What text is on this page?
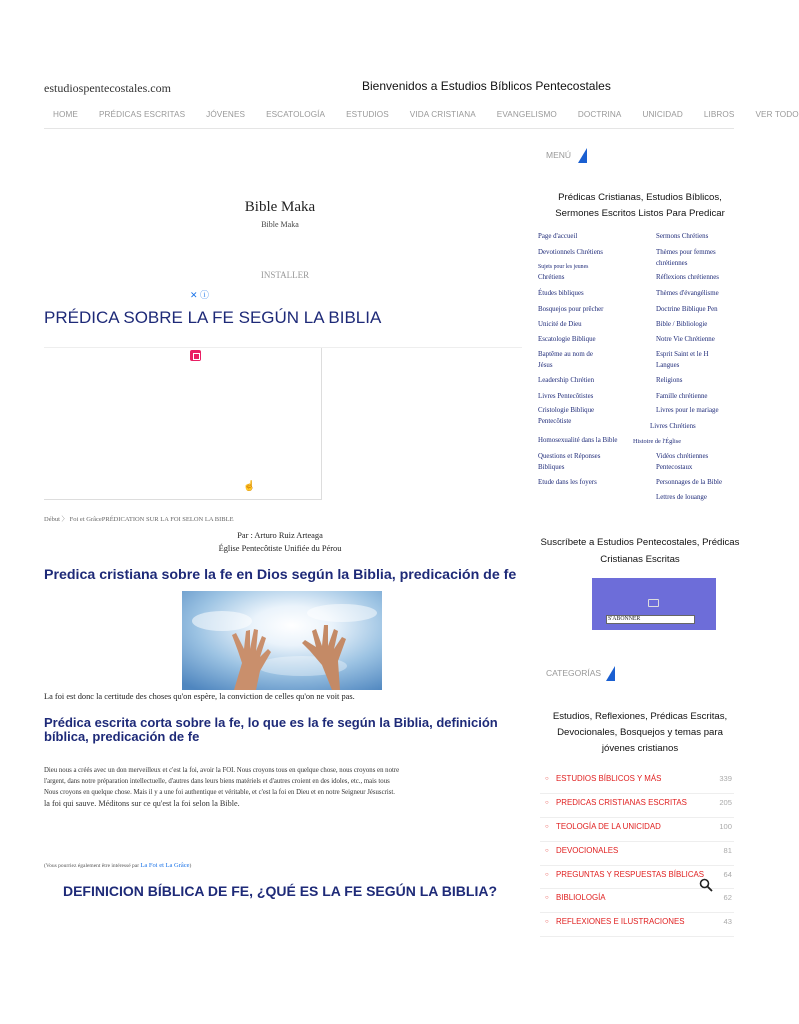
estudiospentecostales.com	Bienvenidos a Estudios Bíblicos Pentecostales
HOME	PRÉDICAS ESCRITAS	JÓVENES	ESCATOLOGÍA	ESTUDIOS	VIDA CRISTIANA	EVANGELISMO	DOCTRINA	UNICIDAD	LIBROS	VER TODO
Bible Maka
Bible Maka
INSTALLER
✕ ⓘ
PRÉDICA SOBRE LA FE SEGÚN LA BIBLIA
☝
Début 〉 Foi et GrâcePRÉDICATION SUR LA FOI SELON LA BIBLE
Par : Arturo Ruiz Arteaga
Église Pentecôtiste Unifiée du Pérou
Predica cristiana sobre la fe en Dios según la Biblia, predicación de fe
La foi est donc la certitude des choses qu'on espère, la conviction de celles qu'on ne voit pas.
Prédica escrita corta sobre la fe, lo que es la fe según la Biblia, definición bíblica, predicación de fe
Dieu nous a créés avec un don merveilleux et c'est la foi, avoir la FOI. Nous croyons tous en quelque chose, nous croyons en notre
l'argent, dans notre préparation intellectuelle, d'autres dans leurs biens matériels et d'autres croient en des idoles, etc., mais tous
Nous croyons en quelque chose. Mais il y a une foi authentique et véritable, et c'est la foi en Dieu et en notre Seigneur Jésuscrist.
la foi qui sauve. Méditons sur ce qu'est la foi selon la Bible.
(Vous pourriez également être intéressé par La Foi et La Grâce)
DEFINICION BÍBLICA DE FE, ¿QUÉ ES LA FE SEGÚN LA BIBLIA?
MENÚ
Prédicas Cristianas, Estudios Bíblicos, Sermones Escritos Listos Para Predicar
Page d'accueil
Devotionnels Chrétiens
Sujets pour les jeunes
Chrétiens
Études bibliques
Bosquejos pour prêcher
Unicité de Dieu
Escatologie Biblique
Baptême au nom de
Jésus
Leadership Chrétien
Livres Pentecôtistes
Cristologie Biblique
Pentecôtiste
Homosexualité dans la Bible
Questions et Réponses
Bibliques
Etude dans les foyers
Sermons Chrétiens
Thèmes pour femmes
chrétiennes
Réflexions chrétiennes
Thèmes d'évangélisme
Doctrine Biblique Pen
Bible / Bibliologie
Notre Vie Chrétienne
Esprit Saint et le H
Langues
Religions
Famille chrétienne
Livres pour le mariage
Livres Chrétiens
Histoire de l'Église
Vidéos chrétiennes
Pentecostaux
Personnages de la Bible
Lettres de louange
Suscríbete a Estudios Pentecostales, Prédicas Cristianas Escritas
S'ABONNER
CATEGORÍAS
Estudios, Reflexiones, Prédicas Escritas, Devocionales, Bosquejos y temas para jóvenes cristianos
○ ESTUDIOS BÍBLICOS Y MÁS	339
○ PREDICAS CRISTIANAS ESCRITAS	205
○ TEOLOGÍA DE LA UNICIDAD	100
○ DEVOCIONALES	81
○ PREGUNTAS Y RESPUESTAS BÍBLICAS	64
○ BIBLIOLOGÍA	62
○ REFLEXIONES E ILUSTRACIONES	43
